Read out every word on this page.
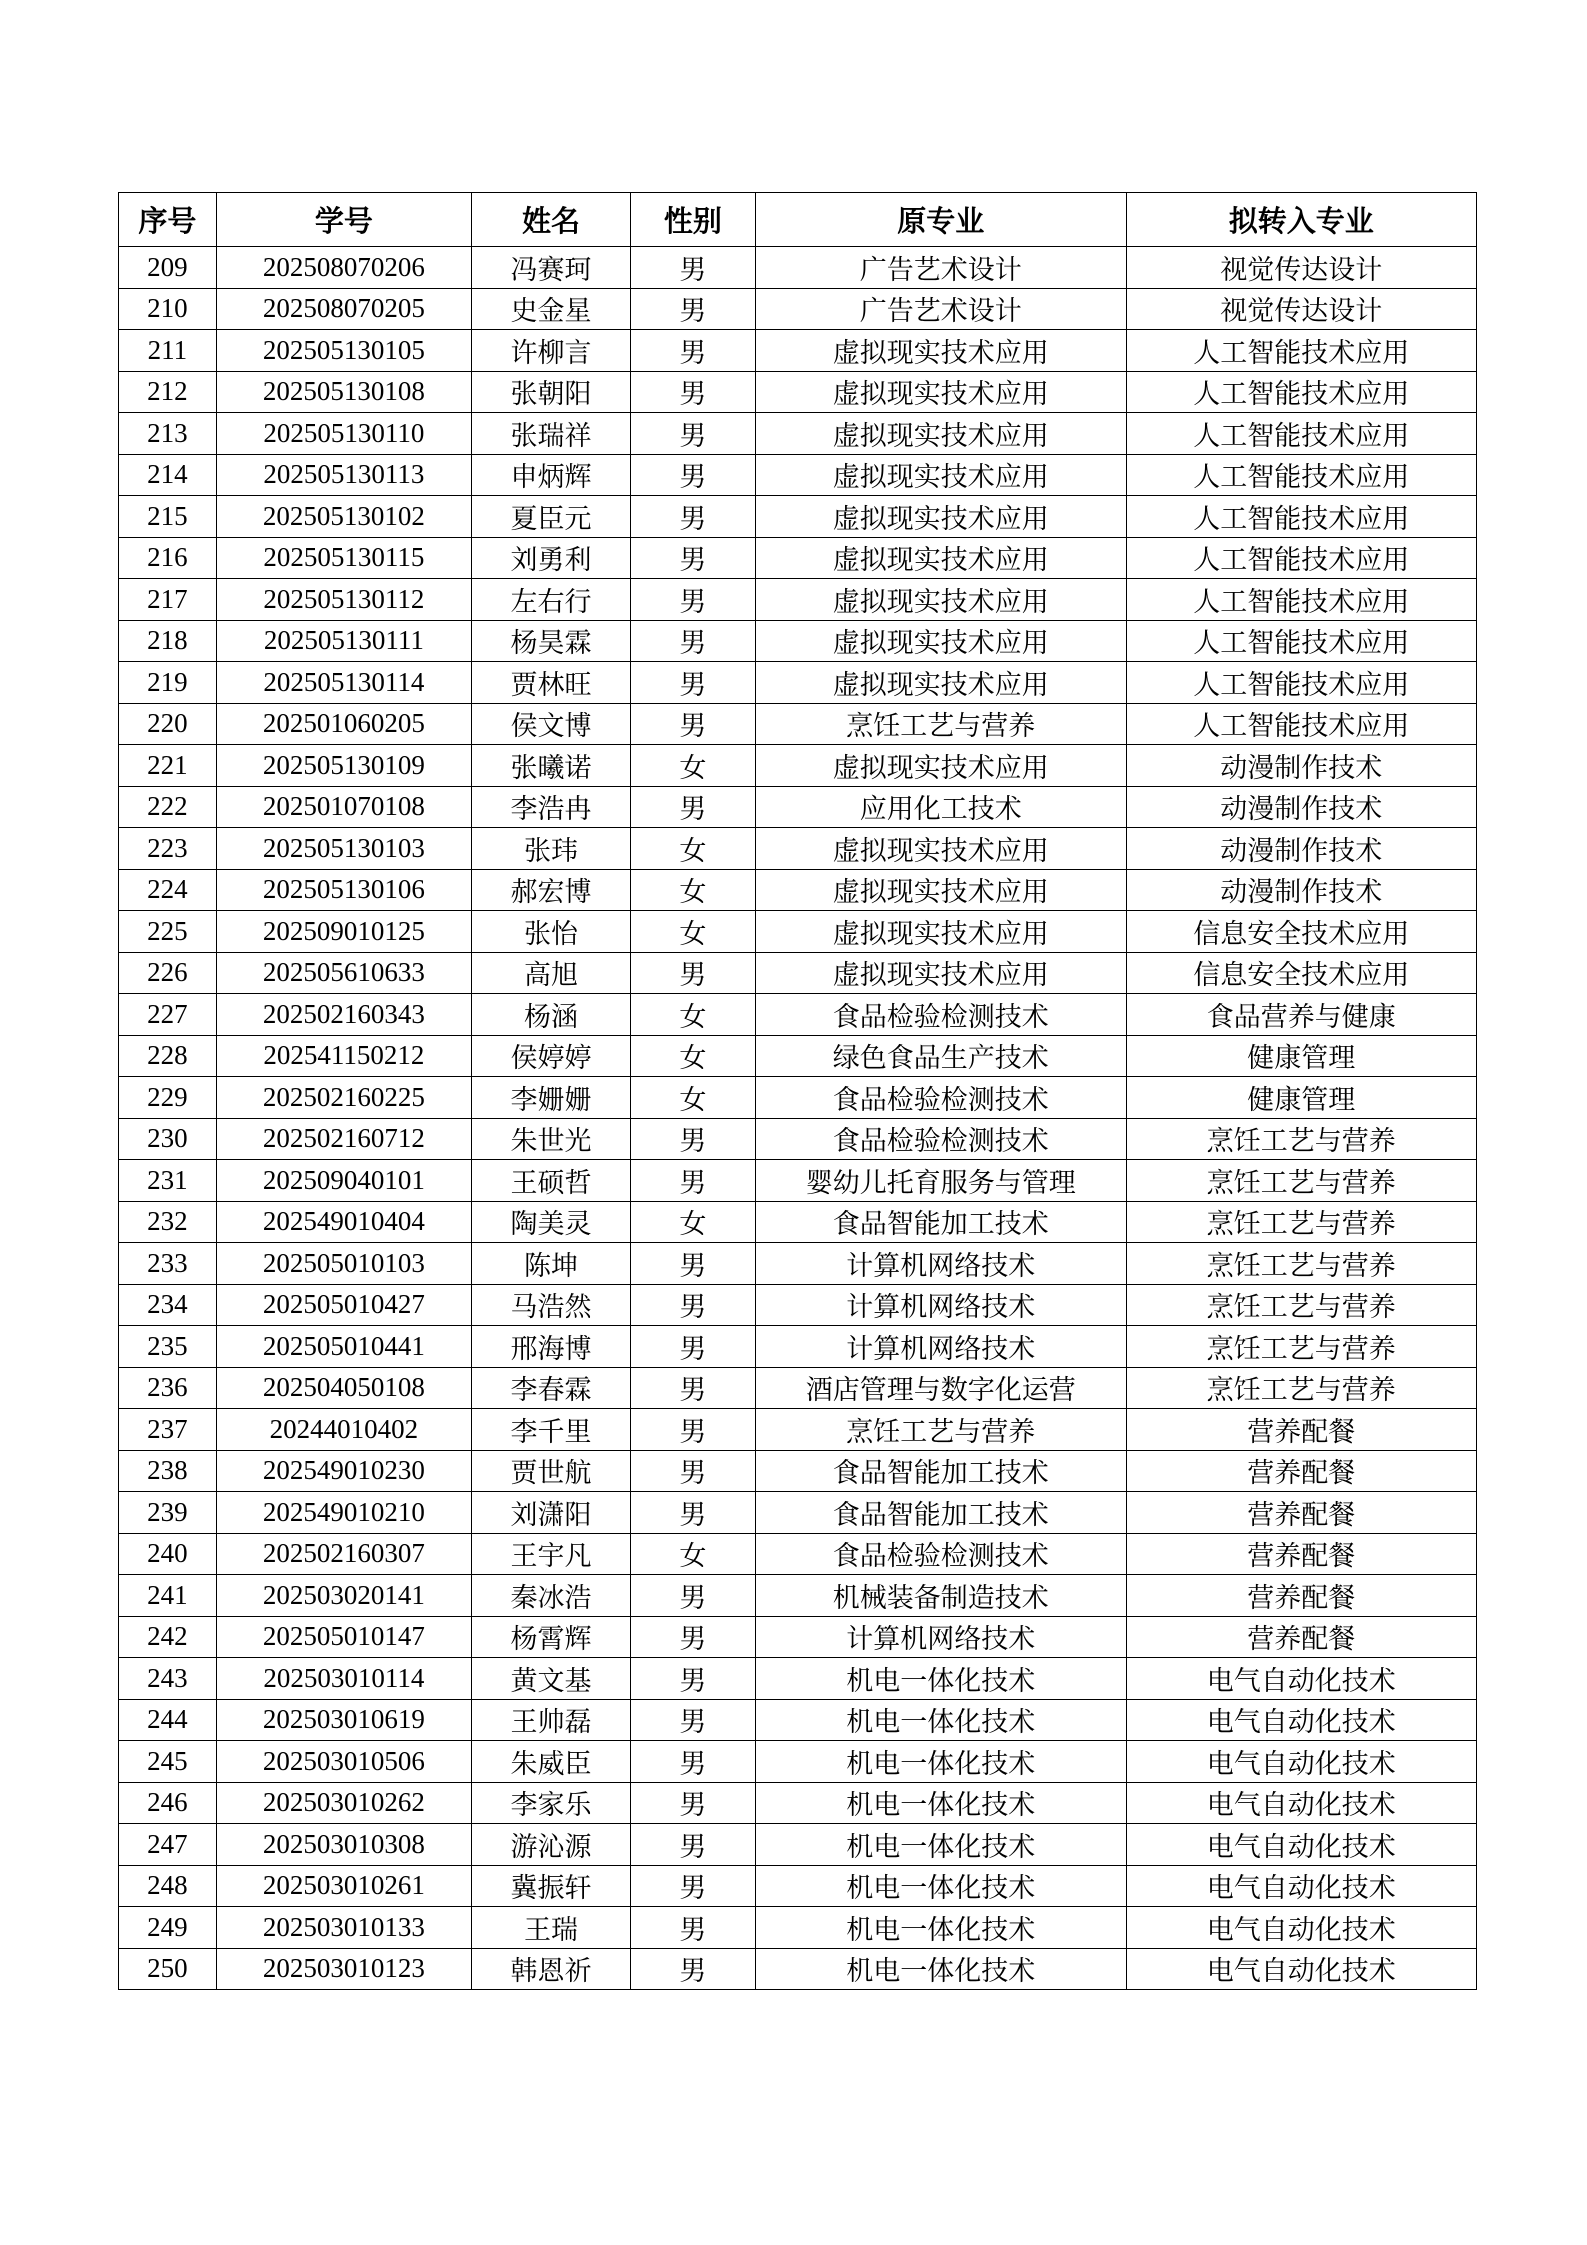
序号	学号	姓名	性别	原专业	拟转入专业
209	202508070206	冯赛珂	男	广告艺术设计	视觉传达设计
210	202508070205	史金星	男	广告艺术设计	视觉传达设计
211	202505130105	许柳言	男	虚拟现实技术应用	人工智能技术应用
212	202505130108	张朝阳	男	虚拟现实技术应用	人工智能技术应用
213	202505130110	张瑞祥	男	虚拟现实技术应用	人工智能技术应用
214	202505130113	申炳辉	男	虚拟现实技术应用	人工智能技术应用
215	202505130102	夏臣元	男	虚拟现实技术应用	人工智能技术应用
216	202505130115	刘勇利	男	虚拟现实技术应用	人工智能技术应用
217	202505130112	左右行	男	虚拟现实技术应用	人工智能技术应用
218	202505130111	杨昊霖	男	虚拟现实技术应用	人工智能技术应用
219	202505130114	贾林旺	男	虚拟现实技术应用	人工智能技术应用
220	202501060205	侯文博	男	烹饪工艺与营养	人工智能技术应用
221	202505130109	张曦诺	女	虚拟现实技术应用	动漫制作技术
222	202501070108	李浩冉	男	应用化工技术	动漫制作技术
223	202505130103	张玮	女	虚拟现实技术应用	动漫制作技术
224	202505130106	郝宏博	女	虚拟现实技术应用	动漫制作技术
225	202509010125	张怡	女	虚拟现实技术应用	信息安全技术应用
226	202505610633	高旭	男	虚拟现实技术应用	信息安全技术应用
227	202502160343	杨涵	女	食品检验检测技术	食品营养与健康
228	202541150212	侯婷婷	女	绿色食品生产技术	健康管理
229	202502160225	李姗姗	女	食品检验检测技术	健康管理
230	202502160712	朱世光	男	食品检验检测技术	烹饪工艺与营养
231	202509040101	王硕哲	男	婴幼儿托育服务与管理	烹饪工艺与营养
232	202549010404	陶美灵	女	食品智能加工技术	烹饪工艺与营养
233	202505010103	陈坤	男	计算机网络技术	烹饪工艺与营养
234	202505010427	马浩然	男	计算机网络技术	烹饪工艺与营养
235	202505010441	邢海博	男	计算机网络技术	烹饪工艺与营养
236	202504050108	李春霖	男	酒店管理与数字化运营	烹饪工艺与营养
237	20244010402	李千里	男	烹饪工艺与营养	营养配餐
238	202549010230	贾世航	男	食品智能加工技术	营养配餐
239	202549010210	刘潇阳	男	食品智能加工技术	营养配餐
240	202502160307	王宇凡	女	食品检验检测技术	营养配餐
241	202503020141	秦冰浩	男	机械装备制造技术	营养配餐
242	202505010147	杨霄辉	男	计算机网络技术	营养配餐
243	202503010114	黄文基	男	机电一体化技术	电气自动化技术
244	202503010619	王帅磊	男	机电一体化技术	电气自动化技术
245	202503010506	朱威臣	男	机电一体化技术	电气自动化技术
246	202503010262	李家乐	男	机电一体化技术	电气自动化技术
247	202503010308	游沁源	男	机电一体化技术	电气自动化技术
248	202503010261	冀振轩	男	机电一体化技术	电气自动化技术
249	202503010133	王瑞	男	机电一体化技术	电气自动化技术
250	202503010123	韩恩祈	男	机电一体化技术	电气自动化技术
